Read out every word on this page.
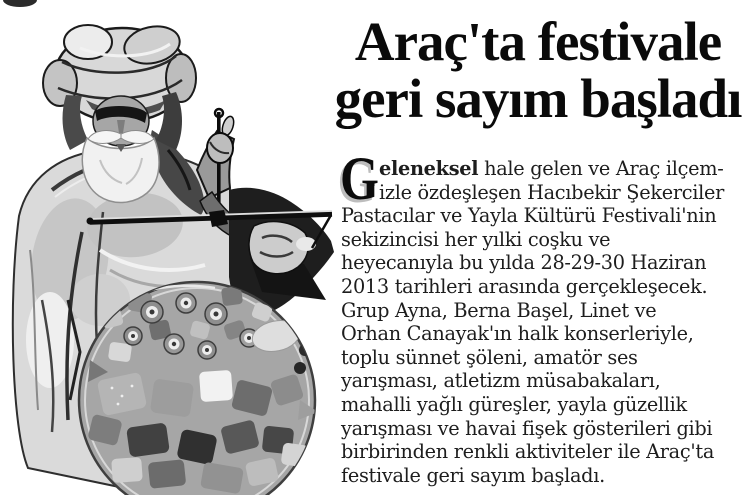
Araç'ta festivale
geri sayım başladı
G eleneksel hale gelen ve Araç ilçem-
izle özdeşleşen Hacıbekir Şekerciler
Pastacılar ve Yayla Kültürü Festivali'nin
sekizincisi her yılki coşku ve
heyecanıyla bu yılda 28-29-30 Haziran
2013 tarihleri arasında gerçekleşecek.
Grup Ayna, Berna Başel, Linet ve
Orhan Canayak'ın halk konserleriyle,
toplu sünnet şöleni, amatör ses
yarışması, atletizm müsabakaları,
mahalli yağlı güreşler, yayla güzellik
yarışması ve havai fişek gösterileri gibi
birbirinden renkli aktiviteler ile Araç'ta
festivale geri sayım başladı.
